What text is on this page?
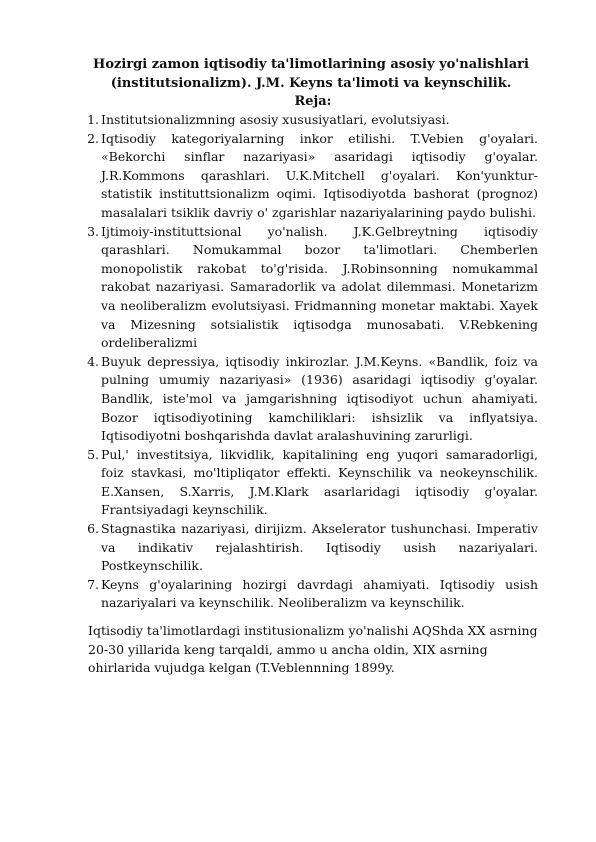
Hozirgi zamon iqtisodiy ta'limotlarining asosiy yo'nalishlari (institutsionalizm). J.M. Keyns ta'limoti va keynschilik.
Reja:
1. Institutsionalizmning asosiy xususiyatlari, evolutsiyasi.
2. Iqtisodiy kategoriyalarning inkor etilishi. T.Vebien g'oyalari. «Bekorchi sinflar nazariyasi» asaridagi iqtisodiy g'oyalar. J.R.Kommons qarashlari. U.K.Mitchell g'oyalari. Kon'yunktur-statistik instituttsionalizm oqimi. Iqtisodiyotda bashorat (prognoz) masalalari tsiklik davriy o' zgarishlar nazariyalarining paydo bulishi.
3. Ijtimoiy-instituttsional yo'nalish. J.K.Gelbreytning iqtisodiy qarashlari. Nomukammal bozor ta'limotlari. Chemberlen monopolistik rakobat to'g'risida. J.Robinsonning nomukammal rakobat nazariyasi. Samaradorlik va adolat dilemmasi. Monetarizm va neoliberalizm evolutsiyasi. Fridmanning monetar maktabi. Xayek va Mizesning sotsialistik iqtisodga munosabati. V.Rebkening ordeliberalizmi
4. Buyuk depressiya, iqtisodiy inkirozlar. J.M.Keyns. «Bandlik, foiz va pulning umumiy nazariyasi» (1936) asaridagi iqtisodiy g'oyalar. Bandlik, iste'mol va jamgarishning iqtisodiyot uchun ahamiyati. Bozor iqtisodiyotining kamchiliklari: ishsizlik va inflyatsiya. Iqtisodiyotni boshqarishda davlat aralashuvining zarurligi.
5. Pul,' investitsiya, likvidlik, kapitalining eng yuqori samaradorligi, foiz stavkasi, mo'ltipliqator effekti. Keynschilik va neokeynschilik. E.Xansen, S.Xarris, J.M.Klark asarlaridagi iqtisodiy g'oyalar. Frantsiyadagi keynschilik.
6. Stagnastika nazariyasi, dirijizm. Akselerator tushunchasi. Imperativ va indikativ rejalashtirish. Iqtisodiy usish nazariyalari. Postkeynschilik.
7. Keyns g'oyalarining hozirgi davrdagi ahamiyati. Iqtisodiy usish nazariyalari va keynschilik. Neoliberalizm va keynschilik.

Iqtisodiy ta'limotlardagi institusionalizm yo'nalishi AQShda XX asrning 20-30 yillarida keng tarqaldi, ammo u ancha oldin, XIX asrning ohirlarida vujudga kelgan (T.Veblennning 1899y.
